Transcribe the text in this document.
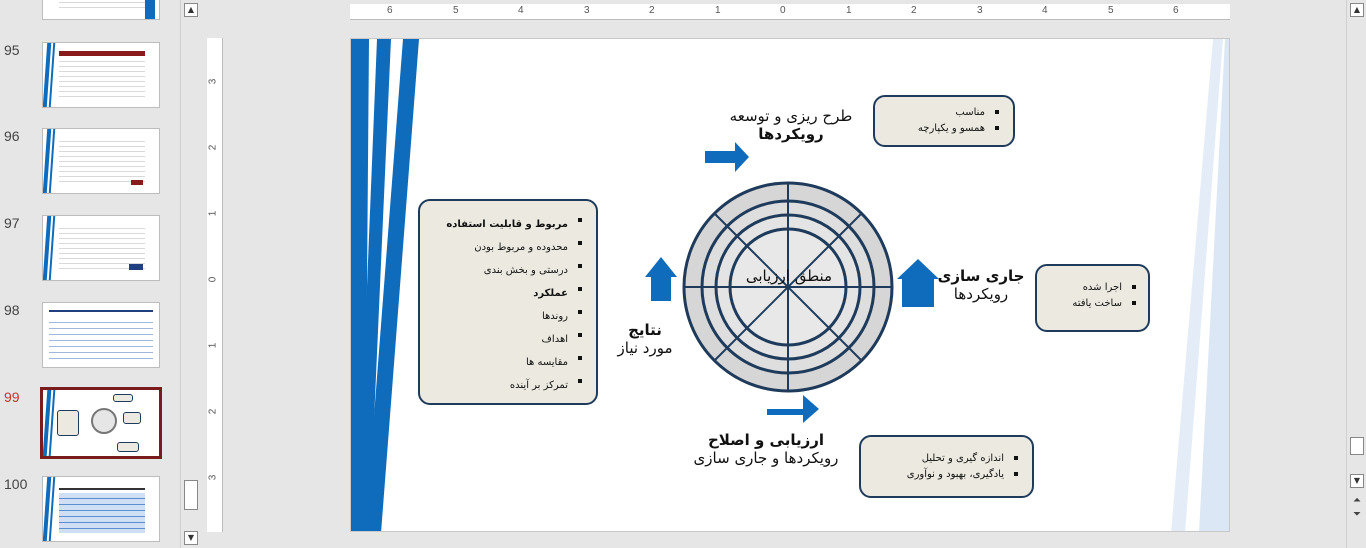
95
96
97
98
99
100
▲
▼
6	5	4	3	2	1	0	1	2	3	4	5	6
3
2
1
0
1
2
3
منطق ارزیابی
طرح ریزی و توسعه
رویکردها
جاری سازی
رویکردها
ارزیابی و اصلاح
رویکردها و جاری سازی
نتایج
مورد نیاز
مناسب
همسو و یکپارچه
اجرا شده
ساخت یافته
اندازه گیری و تحلیل
یادگیری، بهبود و نوآوری
مربوط و قابلیت استفاده
محدوده و مربوط بودن
درستی و بخش بندی
عملکرد
روندها
اهداف
مقایسه ها
تمرکز بر آینده
▲
▼
⏶
⏷
